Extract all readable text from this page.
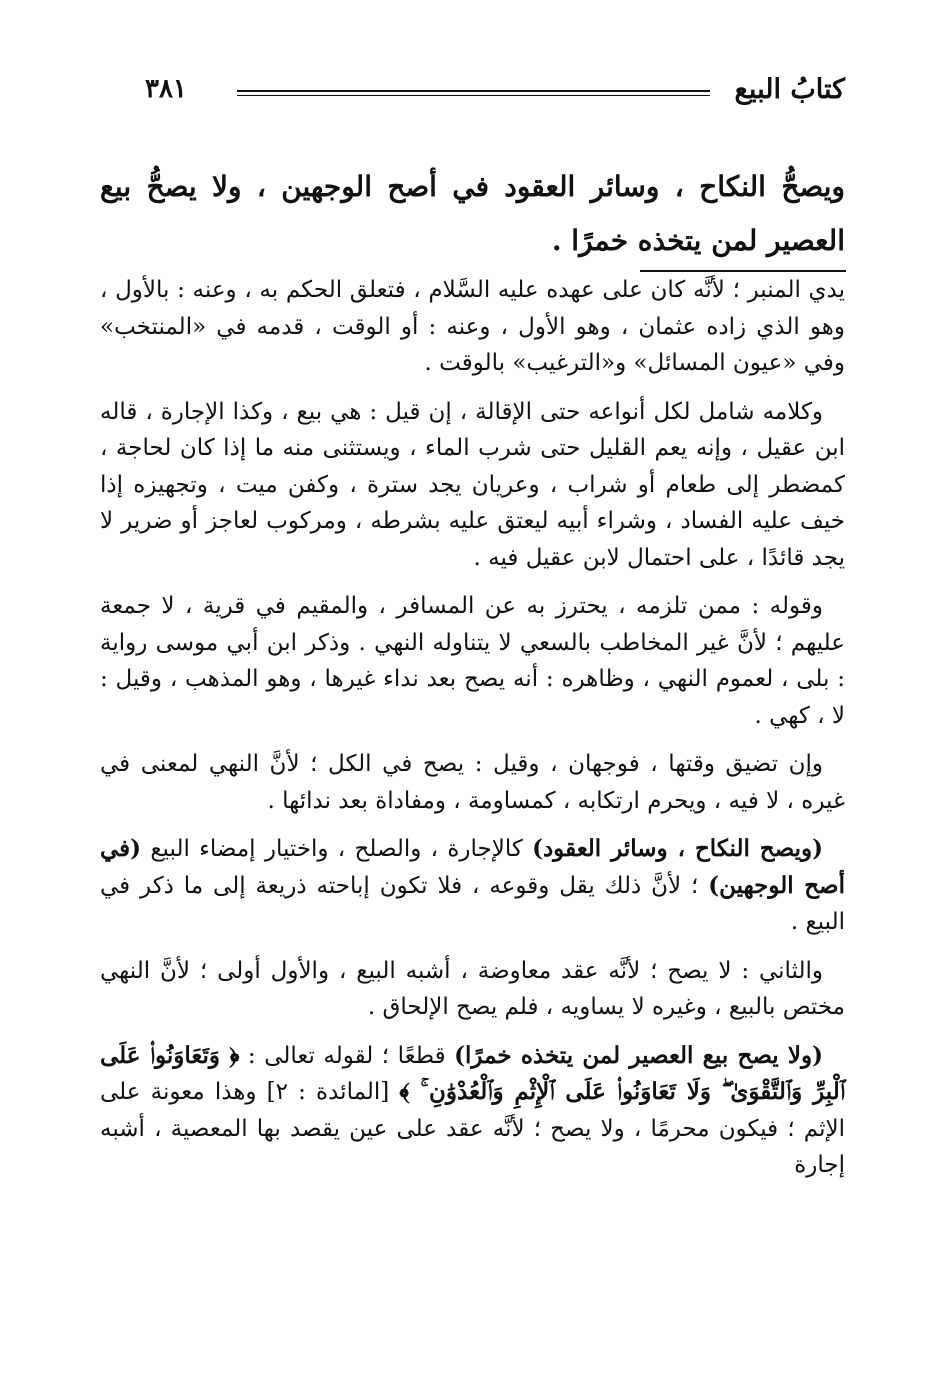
كتابُ البيع
٣٨١
ويصحُّ النكاح ، وسائر العقود في أصح الوجهين ، ولا يصحُّ بيع العصير لمن يتخذه خمرًا .

يدي المنبر ؛ لأنَّه كان على عهده عليه السَّلام ، فتعلق الحكم به ، وعنه : بالأول ، وهو الذي زاده عثمان ، وهو الأول ، وعنه : أو الوقت ، قدمه في «المنتخب» وفي «عيون المسائل» و«الترغيب» بالوقت .

وكلامه شامل لكل أنواعه حتى الإقالة ، إن قيل : هي بيع ، وكذا الإجارة ، قاله ابن عقيل ، وإنه يعم القليل حتى شرب الماء ، ويستثنى منه ما إذا كان لحاجة ، كمضطر إلى طعام أو شراب ، وعريان يجد سترة ، وكفن ميت ، وتجهيزه إذا خيف عليه الفساد ، وشراء أبيه ليعتق عليه بشرطه ، ومركوب لعاجز أو ضرير لا يجد قائدًا ، على احتمال لابن عقيل فيه .

وقوله : ممن تلزمه ، يحترز به عن المسافر ، والمقيم في قرية ، لا جمعة عليهم ؛ لأنَّ غير المخاطب بالسعي لا يتناوله النهي . وذكر ابن أبي موسى رواية : بلى ، لعموم النهي ، وظاهره : أنه يصح بعد نداء غيرها ، وهو المذهب ، وقيل : لا ، كهي .

وإن تضيق وقتها ، فوجهان ، وقيل : يصح في الكل ؛ لأنَّ النهي لمعنى في غيره ، لا فيه ، ويحرم ارتكابه ، كمساومة ، ومفاداة بعد ندائها .

(ويصح النكاح ، وسائر العقود) كالإجارة ، والصلح ، واختيار إمضاء البيع (في أصح الوجهين) ؛ لأنَّ ذلك يقل وقوعه ، فلا تكون إباحته ذريعة إلى ما ذكر في البيع .

والثاني : لا يصح ؛ لأنَّه عقد معاوضة ، أشبه البيع ، والأول أولى ؛ لأنَّ النهي مختص بالبيع ، وغيره لا يساويه ، فلم يصح الإلحاق .

(ولا يصح بيع العصير لمن يتخذه خمرًا) قطعًا ؛ لقوله تعالى : ﴿ وَتَعَاوَنُوا۟ عَلَى ٱلْبِرِّ وَٱلتَّقْوَىٰ ۖ وَلَا تَعَاوَنُوا۟ عَلَى ٱلْإِثْمِ وَٱلْعُدْوَٰنِ ۚ ﴾ [المائدة : ٢] وهذا معونة على الإثم ؛ فيكون محرمًا ، ولا يصح ؛ لأنَّه عقد على عين يقصد بها المعصية ، أشبه إجارة
